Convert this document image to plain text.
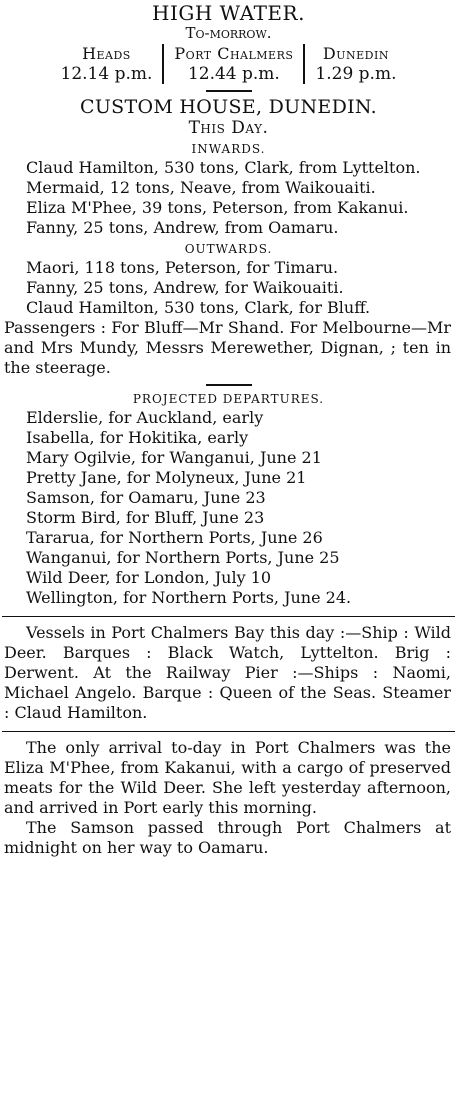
HIGH WATER.
To-morrow.
Heads
12.14 p.m.
Port Chalmers
12.44 p.m.
Dunedin
1.29 p.m.
CUSTOM HOUSE, DUNEDIN.
This Day.
INWARDS.

Claud Hamilton, 530 tons, Clark, from Lyttelton.

Mermaid, 12 tons, Neave, from Waikouaiti.

Eliza M'Phee, 39 tons, Peterson, from Kakanui.

Fanny, 25 tons, Andrew, from Oamaru.

OUTWARDS.

Maori, 118 tons, Peterson, for Timaru.

Fanny, 25 tons, Andrew, for Waikouaiti.

Claud Hamilton, 530 tons, Clark, for Bluff.

Passengers : For Bluff—Mr Shand. For Melbourne—Mr and Mrs Mundy, Messrs Merewether, Dignan, ; ten in the steerage.

PROJECTED DEPARTURES.

Elderslie, for Auckland, early

Isabella, for Hokitika, early

Mary Ogilvie, for Wanganui, June 21

Pretty Jane, for Molyneux, June 21

Samson, for Oamaru, June 23

Storm Bird, for Bluff, June 23

Tararua, for Northern Ports, June 26

Wanganui, for Northern Ports, June 25

Wild Deer, for London, July 10

Wellington, for Northern Ports, June 24.

Vessels in Port Chalmers Bay this day :—Ship : Wild Deer. Barques : Black Watch, Lyttelton. Brig : Derwent. At the Railway Pier :—Ships : Naomi, Michael Angelo. Barque : Queen of the Seas. Steamer : Claud Hamilton.

The only arrival to-day in Port Chalmers was the Eliza M'Phee, from Kakanui, with a cargo of preserved meats for the Wild Deer. She left yesterday afternoon, and arrived in Port early this morning.

The Samson passed through Port Chalmers at midnight on her way to Oamaru.
